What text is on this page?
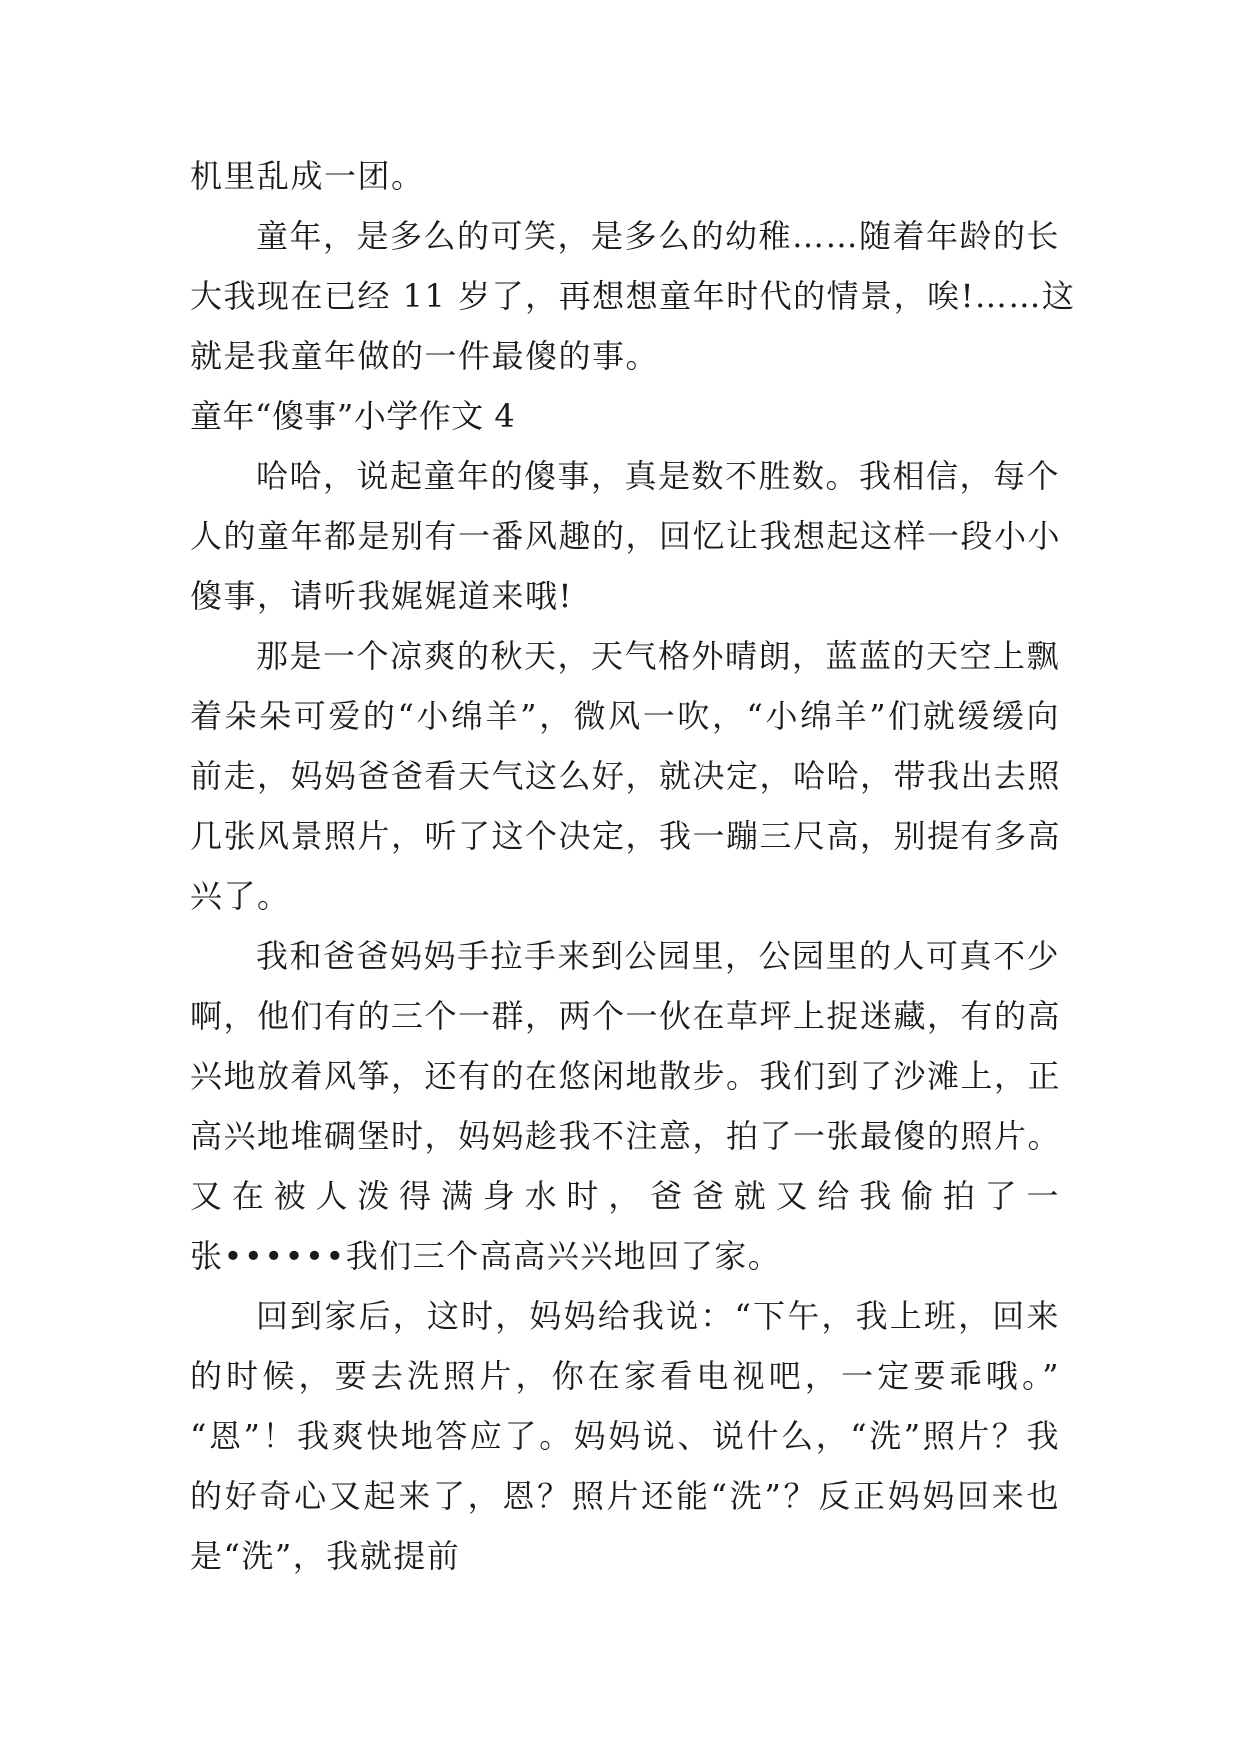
机里乱成一团。
童年，是多么的可笑，是多么的幼稚……随着年龄的长
大我现在已经 11 岁了，再想想童年时代的情景，唉!……这
就是我童年做的一件最傻的事。
童年“傻事”小学作文 4
哈哈，说起童年的傻事，真是数不胜数。我相信，每个
人的童年都是别有一番风趣的，回忆让我想起这样一段小小
傻事，请听我娓娓道来哦!
那是一个凉爽的秋天，天气格外晴朗，蓝蓝的天空上飘
着朵朵可爱的“小绵羊”，微风一吹，“小绵羊”们就缓缓向
前走，妈妈爸爸看天气这么好，就决定，哈哈，带我出去照
几张风景照片，听了这个决定，我一蹦三尺高，别提有多高
兴了。
我和爸爸妈妈手拉手来到公园里，公园里的人可真不少
啊，他们有的三个一群，两个一伙在草坪上捉迷藏，有的高
兴地放着风筝，还有的在悠闲地散步。我们到了沙滩上，正
高兴地堆碉堡时，妈妈趁我不注意，拍了一张最傻的照片。
又在被人泼得满身水时，爸爸就又给我偷拍了一
张••••••我们三个高高兴兴地回了家。
回到家后，这时，妈妈给我说：“下午，我上班，回来
的时候，要去洗照片，你在家看电视吧，一定要乖哦。”
“恩”！我爽快地答应了。妈妈说、说什么，“洗”照片？我
的好奇心又起来了，恩？照片还能“洗”？反正妈妈回来也
是“洗”，我就提前
